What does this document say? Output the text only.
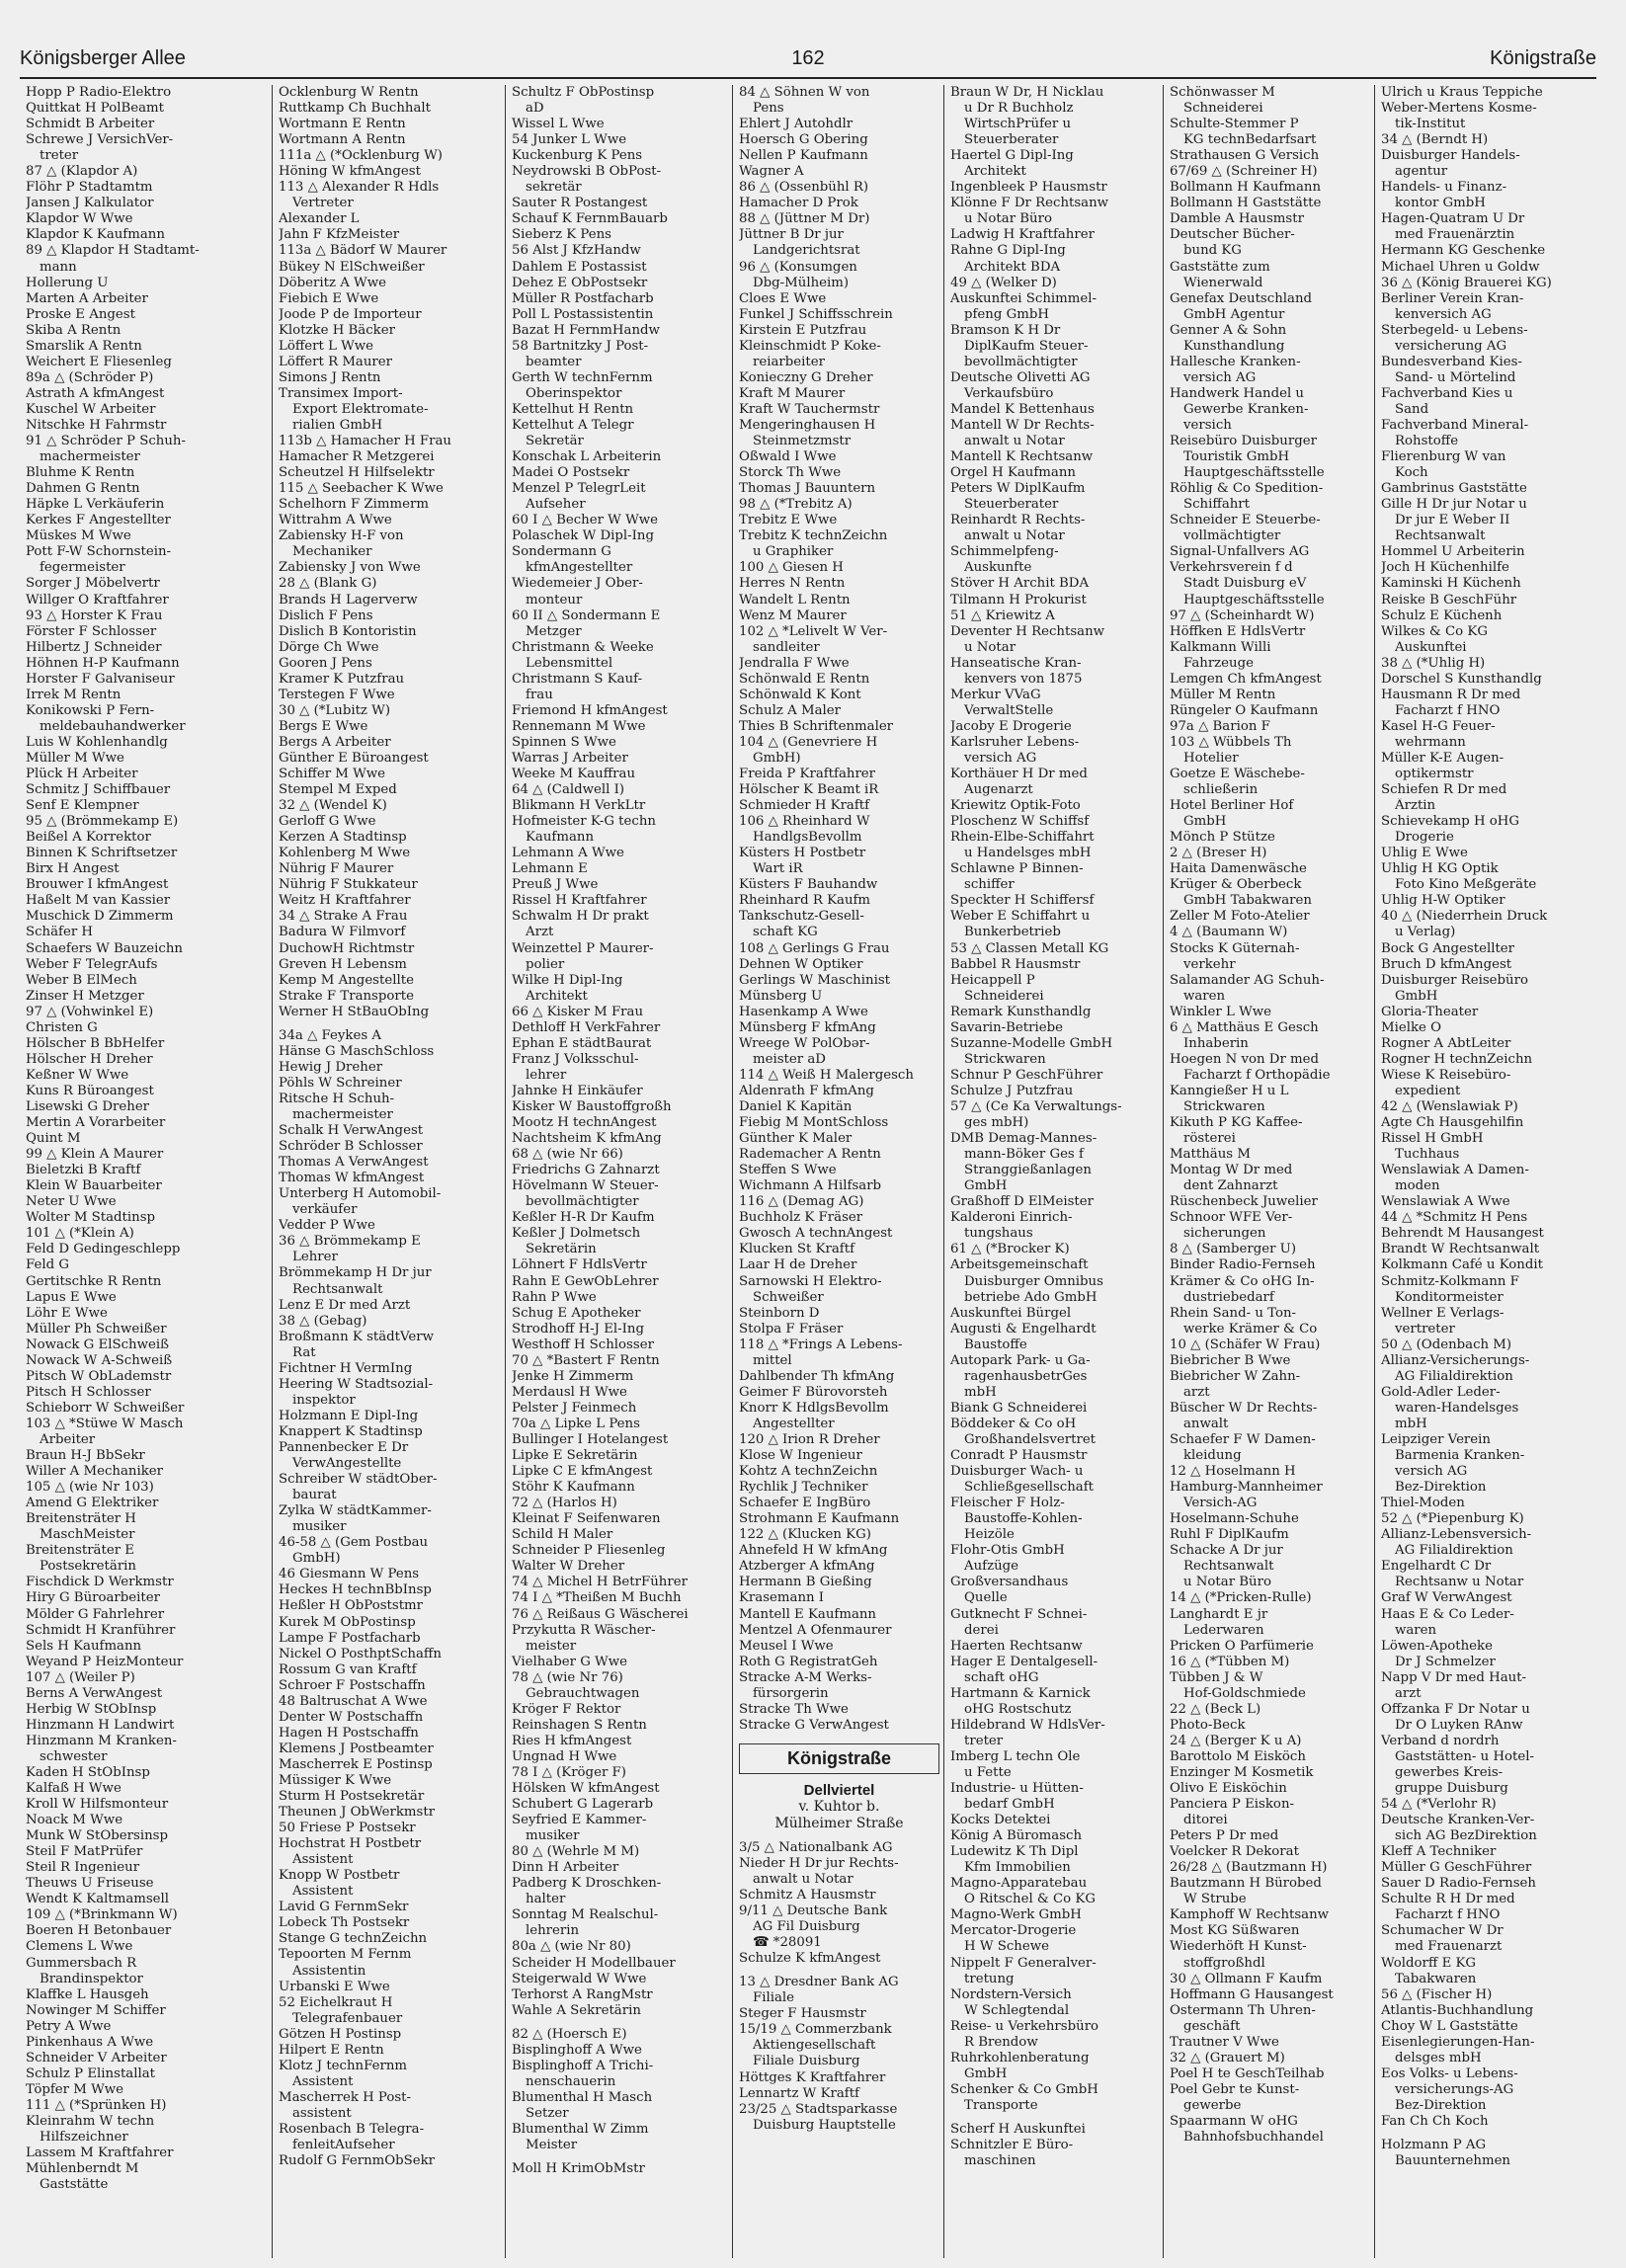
Königsberger Allee	162	Königstraße
Hopp P Radio-Elektro
Quittkat H PolBeamt
Schmidt B Arbeiter
Schrewe J VersichVer-
treter
87 △ (Klapdor A)
Flöhr P Stadtamtm
Jansen J Kalkulator
Klapdor W Wwe
Klapdor K Kaufmann
89 △ Klapdor H Stadtamt-
mann
Hollerung U
Marten A Arbeiter
Proske E Angest
Skiba A Rentn
Smarslik A Rentn
Weichert E Fliesenleg
89a △ (Schröder P)
Astrath A kfmAngest
Kuschel W Arbeiter
Nitschke H Fahrmstr
91 △ Schröder P Schuh-
machermeister
Bluhme K Rentn
Dahmen G Rentn
Häpke L Verkäuferin
Kerkes F Angestellter
Müskes M Wwe
Pott F-W Schornstein-
fegermeister
Sorger J Möbelvertr
Willger O Kraftfahrer
93 △ Horster K Frau
Förster F Schlosser
Hilbertz J Schneider
Höhnen H-P Kaufmann
Horster F Galvaniseur
Irrek M Rentn
Konikowski P Fern-
meldebauhandwerker
Luis W Kohlenhandlg
Müller M Wwe
Plück H Arbeiter
Schmitz J Schiffbauer
Senf E Klempner
95 △ (Brömmekamp E)
Beißel A Korrektor
Binnen K Schriftsetzer
Birx H Angest
Brouwer I kfmAngest
Haßelt M van Kassier
Muschick D Zimmerm
Schäfer H
Schaefers W Bauzeichn
Weber F TelegrAufs
Weber B ElMech
Zinser H Metzger
97 △ (Vohwinkel E)
Christen G
Hölscher B BbHelfer
Hölscher H Dreher
Keßner W Wwe
Kuns R Büroangest
Lisewski G Dreher
Mertin A Vorarbeiter
Quint M
99 △ Klein A Maurer
Bieletzki B Kraftf
Klein W Bauarbeiter
Neter U Wwe
Wolter M Stadtinsp
101 △ (*Klein A)
Feld D Gedingeschlepp
Feld G
Gertitschke R Rentn
Lapus E Wwe
Löhr E Wwe
Müller Ph Schweißer
Nowack G ElSchweiß
Nowack W A-Schweiß
Pitsch W ObLademstr
Pitsch H Schlosser
Schieborr W Schweißer
103 △ *Stüwe W Masch
Arbeiter
Braun H-J BbSekr
Willer A Mechaniker
105 △ (wie Nr 103)
Amend G Elektriker
Breitensträter H
MaschMeister
Breitensträter E
Postsekretärin
Fischdick D Werkmstr
Hiry G Büroarbeiter
Mölder G Fahrlehrer
Schmidt H Kranführer
Sels H Kaufmann
Weyand P HeizMonteur
107 △ (Weiler P)
Berns A VerwAngest
Herbig W StObInsp
Hinzmann H Landwirt
Hinzmann M Kranken-
schwester
Kaden H StObInsp
Kalfaß H Wwe
Kroll W Hilfsmonteur
Noack M Wwe
Munk W StObersinsp
Steil F MatPrüfer
Steil R Ingenieur
Theuws U Friseuse
Wendt K Kaltmamsell
109 △ (*Brinkmann W)
Boeren H Betonbauer
Clemens L Wwe
Gummersbach R
Brandinspektor
Klaffke L Hausgeh
Nowinger M Schiffer
Petry A Wwe
Pinkenhaus A Wwe
Schneider V Arbeiter
Schulz P Elinstallat
Töpfer M Wwe
111 △ (*Sprünken H)
Kleinrahm W techn
Hilfszeichner
Lassem M Kraftfahrer
Mühlenberndt M
Gaststätte
Ocklenburg W Rentn
Ruttkamp Ch Buchhalt
Wortmann E Rentn
Wortmann A Rentn
111a △ (*Ocklenburg W)
Höning W kfmAngest
113 △ Alexander R Hdls
Vertreter
Alexander L
Jahn F KfzMeister
113a △ Bädorf W Maurer
Bükey N ElSchweißer
Döberitz A Wwe
Fiebich E Wwe
Joode P de Importeur
Klotzke H Bäcker
Löffert L Wwe
Löffert R Maurer
Simons J Rentn
Transimex Import-
Export Elektromate-
rialien GmbH
113b △ Hamacher H Frau
Hamacher R Metzgerei
Scheutzel H Hilfselektr
115 △ Seebacher K Wwe
Schelhorn F Zimmerm
Wittrahm A Wwe
Zabiensky H-F von
Mechaniker
Zabiensky J von Wwe
28 △ (Blank G)
Brands H Lagerverw
Dislich F Pens
Dislich B Kontoristin
Dörge Ch Wwe
Gooren J Pens
Kramer K Putzfrau
Terstegen F Wwe
30 △ (*Lubitz W)
Bergs E Wwe
Bergs A Arbeiter
Günther E Büroangest
Schiffer M Wwe
Stempel M Exped
32 △ (Wendel K)
Gerloff G Wwe
Kerzen A Stadtinsp
Kohlenberg M Wwe
Nührig F Maurer
Nührig F Stukkateur
Weitz H Kraftfahrer
34 △ Strake A Frau
Badura W Filmvorf
DuchowH Richtmstr
Greven H Lebensm
Kemp M Angestellte
Strake F Transporte
Werner H StBauObIng
34a △ Feykes A
Hänse G MaschSchloss
Hewig J Dreher
Pöhls W Schreiner
Ritsche H Schuh-
machermeister
Schalk H VerwAngest
Schröder B Schlosser
Thomas A VerwAngest
Thomas W kfmAngest
Unterberg H Automobil-
verkäufer
Vedder P Wwe
36 △ Brömmekamp E
Lehrer
Brömmekamp H Dr jur
Rechtsanwalt
Lenz E Dr med Arzt
38 △ (Gebag)
Broßmann K städtVerw
Rat
Fichtner H VermIng
Heering W Stadtsozial-
inspektor
Holzmann E Dipl-Ing
Knappert K Stadtinsp
Pannenbecker E Dr
VerwAngestellte
Schreiber W städtOber-
baurat
Zylka W städtKammer-
musiker
46-58 △ (Gem Postbau
GmbH)
46 Giesmann W Pens
Heckes H technBbInsp
Heßler H ObPoststmr
Kurek M ObPostinsp
Lampe F Postfacharb
Nickel O PosthptSchaffn
Rossum G van Kraftf
Schroer F Postschaffn
48 Baltruschat A Wwe
Denter W Postschaffn
Hagen H Postschaffn
Klemens J Postbeamter
Mascherrek E Postinsp
Müssiger K Wwe
Sturm H Postsekretär
Theunen J ObWerkmstr
50 Friese P Postsekr
Hochstrat H Postbetr
Assistent
Knopp W Postbetr
Assistent
Lavid G FernmSekr
Lobeck Th Postsekr
Stange G technZeichn
Tepoorten M Fernm
Assistentin
Urbanski E Wwe
52 Eichelkraut H
Telegrafenbauer
Götzen H Postinsp
Hilpert E Rentn
Klotz J technFernm
Assistent
Mascherrek H Post-
assistent
Rosenbach B Telegra-
fenleitAufseher
Rudolf G FernmObSekr
Schultz F ObPostinsp
aD
Wissel L Wwe
54 Junker L Wwe
Kuckenburg K Pens
Neydrowski B ObPost-
sekretär
Sauter R Postangest
Schauf K FernmBauarb
Sieberz K Pens
56 Alst J KfzHandw
Dahlem E Postassist
Dehez E ObPostsekr
Müller R Postfacharb
Poll L Postassistentin
Bazat H FernmHandw
58 Bartnitzky J Post-
beamter
Gerth W technFernm
Oberinspektor
Kettelhut H Rentn
Kettelhut A Telegr
Sekretär
Konschak L Arbeiterin
Madei O Postsekr
Menzel P TelegrLeit
Aufseher
60 I △ Becher W Wwe
Polaschek W Dipl-Ing
Sondermann G
kfmAngestellter
Wiedemeier J Ober-
monteur
60 II △ Sondermann E
Metzger
Christmann & Weeke
Lebensmittel
Christmann S Kauf-
frau
Friemond H kfmAngest
Rennemann M Wwe
Spinnen S Wwe
Warras J Arbeiter
Weeke M Kauffrau
64 △ (Caldwell I)
Blikmann H VerkLtr
Hofmeister K-G techn
Kaufmann
Lehmann A Wwe
Lehmann E
Preuß J Wwe
Rissel H Kraftfahrer
Schwalm H Dr prakt
Arzt
Weinzettel P Maurer-
polier
Wilke H Dipl-Ing
Architekt
66 △ Kisker M Frau
Dethloff H VerkFahrer
Ephan E städtBaurat
Franz J Volksschul-
lehrer
Jahnke H Einkäufer
Kisker W Baustoffgroßh
Mootz H technAngest
Nachtsheim K kfmAng
68 △ (wie Nr 66)
Friedrichs G Zahnarzt
Hövelmann W Steuer-
bevollmächtigter
Keßler H-R Dr Kaufm
Keßler J Dolmetsch
Sekretärin
Löhnert F HdlsVertr
Rahn E GewObLehrer
Rahn P Wwe
Schug E Apotheker
Strodhoff H-J El-Ing
Westhoff H Schlosser
70 △ *Bastert F Rentn
Jenke H Zimmerm
Merdausl H Wwe
Pelster J Feinmech
70a △ Lipke L Pens
Bullinger I Hotelangest
Lipke E Sekretärin
Lipke C E kfmAngest
Stöhr K Kaufmann
72 △ (Harlos H)
Kleinat F Seifenwaren
Schild H Maler
Schneider P Fliesenleg
Walter W Dreher
74 △ Michel H BetrFührer
74 I △ *Theißen M Buchh
76 △ Reißaus G Wäscherei
Przykutta R Wäscher-
meister
Vielhaber G Wwe
78 △ (wie Nr 76)
Gebrauchtwagen
Kröger F Rektor
Reinshagen S Rentn
Ries H kfmAngest
Ungnad H Wwe
78 I △ (Kröger F)
Hölsken W kfmAngest
Schubert G Lagerarb
Seyfried E Kammer-
musiker
80 △ (Wehrle M M)
Dinn H Arbeiter
Padberg K Droschken-
halter
Sonntag M Realschul-
lehrerin
80a △ (wie Nr 80)
Scheider H Modellbauer
Steigerwald W Wwe
Terhorst A RangMstr
Wahle A Sekretärin
82 △ (Hoersch E)
Bisplinghoff A Wwe
Bisplinghoff A Trichi-
nenschauerin
Blumenthal H Masch
Setzer
Blumenthal W Zimm
Meister
Moll H KrimObMstr
84 △ Söhnen W von
Pens
Ehlert J Autohdlr
Hoersch G Obering
Nellen P Kaufmann
Wagner A
86 △ (Ossenbühl R)
Hamacher D Prok
88 △ (Jüttner M Dr)
Jüttner B Dr jur
Landgerichtsrat
96 △ (Konsumgen
Dbg-Mülheim)
Cloes E Wwe
Funkel J Schiffsschrein
Kirstein E Putzfrau
Kleinschmidt P Koke-
reiarbeiter
Konieczny G Dreher
Kraft M Maurer
Kraft W Tauchermstr
Mengeringhausen H
Steinmetzmstr
Oßwald I Wwe
Storck Th Wwe
Thomas J Bauuntern
98 △ (*Trebitz A)
Trebitz E Wwe
Trebitz K technZeichn
u Graphiker
100 △ Giesen H
Herres N Rentn
Wandelt L Rentn
Wenz M Maurer
102 △ *Lelivelt W Ver-
sandleiter
Jendralla F Wwe
Schönwald E Rentn
Schönwald K Kont
Schulz A Maler
Thies B Schriftenmaler
104 △ (Genevriere H
GmbH)
Freida P Kraftfahrer
Hölscher K Beamt iR
Schmieder H Kraftf
106 △ Rheinhard W
HandlgsBevollm
Küsters H Postbetr
Wart iR
Küsters F Bauhandw
Rheinhard R Kaufm
Tankschutz-Gesell-
schaft KG
108 △ Gerlings G Frau
Dehnen W Optiker
Gerlings W Maschinist
Münsberg U
Hasenkamp A Wwe
Münsberg F kfmAng
Wreege W PolObər-
meister aD
114 △ Weiß H Malergesch
Aldenrath F kfmAng
Daniel K Kapitän
Fiebig M MontSchloss
Günther K Maler
Rademacher A Rentn
Steffen S Wwe
Wichmann A Hilfsarb
116 △ (Demag AG)
Buchholz K Fräser
Gwosch A technAngest
Klucken St Kraftf
Laar H de Dreher
Sarnowski H Elektro-
Schweißer
Steinborn D
Stolpa F Fräser
118 △ *Frings A Lebens-
mittel
Dahlbender Th kfmAng
Geimer F Bürovorsteh
Knorr K HdlgsBevollm
Angestellter
120 △ Irion R Dreher
Klose W Ingenieur
Kohtz A technZeichn
Rychlik J Techniker
Schaefer E IngBüro
Strohmann E Kaufmann
122 △ (Klucken KG)
Ahnefeld H W kfmAng
Atzberger A kfmAng
Hermann B Gießing
Krasemann I
Mantell E Kaufmann
Mentzel A Ofenmaurer
Meusel I Wwe
Roth G RegistratGeh
Stracke A-M Werks-
fürsorgerin
Stracke Th Wwe
Stracke G VerwAngest
Königstraße
Dellviertel
v. Kuhtor b.
Mülheimer Straße
3/5 △ Nationalbank AG
Nieder H Dr jur Rechts-
anwalt u Notar
Schmitz A Hausmstr
9/11 △ Deutsche Bank
AG Fil Duisburg
☎ *28091
Schulze K kfmAngest
13 △ Dresdner Bank AG
Filiale
Steger F Hausmstr
15/19 △ Commerzbank
Aktiengesellschaft
Filiale Duisburg
Höttges K Kraftfahrer
Lennartz W Kraftf
23/25 △ Stadtsparkasse
Duisburg Hauptstelle
Braun W Dr, H Nicklau
u Dr R Buchholz
WirtschPrüfer u
Steuerberater
Haertel G Dipl-Ing
Architekt
Ingenbleek P Hausmstr
Klönne F Dr Rechtsanw
u Notar Büro
Ladwig H Kraftfahrer
Rahne G Dipl-Ing
Architekt BDA
49 △ (Welker D)
Auskunftei Schimmel-
pfeng GmbH
Bramson K H Dr
DiplKaufm Steuer-
bevollmächtigter
Deutsche Olivetti AG
Verkaufsbüro
Mandel K Bettenhaus
Mantell W Dr Rechts-
anwalt u Notar
Mantell K Rechtsanw
Orgel H Kaufmann
Peters W DiplKaufm
Steuerberater
Reinhardt R Rechts-
anwalt u Notar
Schimmelpfeng-
Auskunfte
Stöver H Archit BDA
Tilmann H Prokurist
51 △ Kriewitz A
Deventer H Rechtsanw
u Notar
Hanseatische Kran-
kenvers von 1875
Merkur VVaG
VerwaltStelle
Jacoby E Drogerie
Karlsruher Lebens-
versich AG
Korthäuer H Dr med
Augenarzt
Kriewitz Optik-Foto
Ploschenz W Schiffsf
Rhein-Elbe-Schiffahrt
u Handelsges mbH
Schlawne P Binnen-
schiffer
Speckter H Schiffersf
Weber E Schiffahrt u
Bunkerbetrieb
53 △ Classen Metall KG
Babbel R Hausmstr
Heicappell P
Schneiderei
Remark Kunsthandlg
Savarin-Betriebe
Suzanne-Modelle GmbH
Strickwaren
Schnur P GeschFührer
Schulze J Putzfrau
57 △ (Ce Ka Verwaltungs-
ges mbH)
DMB Demag-Mannes-
mann-Böker Ges f
Stranggießanlagen
GmbH
Graßhoff D ElMeister
Kalderoni Einrich-
tungshaus
61 △ (*Brocker K)
Arbeitsgemeinschaft
Duisburger Omnibus
betriebe Ado GmbH
Auskunftei Bürgel
Augusti & Engelhardt
Baustoffe
Autopark Park- u Ga-
ragenhausbetrGes
mbH
Biank G Schneiderei
Böddeker & Co oH
Großhandelsvertret
Conradt P Hausmstr
Duisburger Wach- u
Schließgesellschaft
Fleischer F Holz-
Baustoffe-Kohlen-
Heizöle
Flohr-Otis GmbH
Aufzüge
Großversandhaus
Quelle
Gutknecht F Schnei-
derei
Haerten Rechtsanw
Hager E Dentalgesell-
schaft oHG
Hartmann & Karnick
oHG Rostschutz
Hildebrand W HdlsVer-
treter
Imberg L techn Öle
u Fette
Industrie- u Hütten-
bedarf GmbH
Kocks Detektei
König A Büromasch
Ludewitz K Th Dipl
Kfm Immobilien
Magno-Apparatebau
O Ritschel & Co KG
Magno-Werk GmbH
Mercator-Drogerie
H W Schewe
Nippelt F Generalver-
tretung
Nordstern-Versich
W Schlegtendal
Reise- u Verkehrsbüro
R Brendow
Ruhrkohlenberatung
GmbH
Schenker & Co GmbH
Transporte
Scherf H Auskunftei
Schnitzler E Büro-
maschinen
Schönwasser M
Schneiderei
Schulte-Stemmer P
KG technBedarfsart
Strathausen G Versich
67/69 △ (Schreiner H)
Bollmann H Kaufmann
Bollmann H Gaststätte
Damble A Hausmstr
Deutscher Bücher-
bund KG
Gaststätte zum
Wienerwald
Genefax Deutschland
GmbH Agentur
Genner A & Sohn
Kunsthandlung
Hallesche Kranken-
versich AG
Handwerk Handel u
Gewerbe Kranken-
versich
Reisebüro Duisburger
Touristik GmbH
Hauptgeschäftsstelle
Röhlig & Co Spedition-
Schiffahrt
Schneider E Steuerbe-
vollmächtigter
Signal-Unfallvers AG
Verkehrsverein f d
Stadt Duisburg eV
Hauptgeschäftsstelle
97 △ (Scheinhardt W)
Höffken E HdlsVertr
Kalkmann Willi
Fahrzeuge
Lemgen Ch kfmAngest
Müller M Rentn
Rüngeler O Kaufmann
97a △ Barion F
103 △ Wübbels Th
Hotelier
Goetze E Wäschebe-
schließerin
Hotel Berliner Hof
GmbH
Mönch P Stütze
2 △ (Breser H)
Haita Damenwäsche
Krüger & Oberbeck
GmbH Tabakwaren
Zeller M Foto-Atelier
4 △ (Baumann W)
Stocks K Güternah-
verkehr
Salamander AG Schuh-
waren
Winkler L Wwe
6 △ Matthäus E Gesch
Inhaberin
Hoegen N von Dr med
Facharzt f Orthopädie
Kanngießer H u L
Strickwaren
Kikuth P KG Kaffee-
rösterei
Matthäus M
Montag W Dr med
dent Zahnarzt
Rüschenbeck Juwelier
Schnoor WFE Ver-
sicherungen
8 △ (Samberger U)
Binder Radio-Fernseh
Krämer & Co oHG In-
dustriebedarf
Rhein Sand- u Ton-
werke Krämer & Co
10 △ (Schäfer W Frau)
Biebricher B Wwe
Biebricher W Zahn-
arzt
Büscher W Dr Rechts-
anwalt
Schaefer F W Damen-
kleidung
12 △ Hoselmann H
Hamburg-Mannheimer
Versich-AG
Hoselmann-Schuhe
Ruhl F DiplKaufm
Schacke A Dr jur
Rechtsanwalt
u Notar Büro
14 △ (*Pricken-Rulle)
Langhardt E jr
Lederwaren
Pricken O Parfümerie
16 △ (*Tübben M)
Tübben J & W
Hof-Goldschmiede
22 △ (Beck L)
Photo-Beck
24 △ (Berger K u A)
Barottolo M Eisköch
Enzinger M Kosmetik
Olivo E Eisköchin
Panciera P Eiskon-
ditorei
Peters P Dr med
Voelcker R Dekorat
26/28 △ (Bautzmann H)
Bautzmann H Bürobed
W Strube
Kamphoff W Rechtsanw
Most KG Süßwaren
Wiederhöft H Kunst-
stoffgroßhdl
30 △ Ollmann F Kaufm
Hoffmann G Hausangest
Ostermann Th Uhren-
geschäft
Trautner V Wwe
32 △ (Grauert M)
Poel H te GeschTeilhab
Poel Gebr te Kunst-
gewerbe
Spaarmann W oHG
Bahnhofsbuchhandel
Ulrich u Kraus Teppiche
Weber-Mertens Kosme-
tik-Institut
34 △ (Berndt H)
Duisburger Handels-
agentur
Handels- u Finanz-
kontor GmbH
Hagen-Quatram U Dr
med Frauenärztin
Hermann KG Geschenke
Michael Uhren u Goldw
36 △ (König Brauerei KG)
Berliner Verein Kran-
kenversich AG
Sterbegeld- u Lebens-
versicherung AG
Bundesverband Kies-
Sand- u Mörtelind
Fachverband Kies u
Sand
Fachverband Mineral-
Rohstoffe
Flierenburg W van
Koch
Gambrinus Gaststätte
Gille H Dr jur Notar u
Dr jur E Weber II
Rechtsanwalt
Hommel U Arbeiterin
Joch H Küchenhilfe
Kaminski H Küchenh
Reiske B GeschFühr
Schulz E Küchenh
Wilkes & Co KG
Auskunftei
38 △ (*Uhlig H)
Dorschel S Kunsthandlg
Hausmann R Dr med
Facharzt f HNO
Kasel H-G Feuer-
wehrmann
Müller K-E Augen-
optikermstr
Schiefen R Dr med
Ärztin
Schievekamp H oHG
Drogerie
Uhlig E Wwe
Uhlig H KG Optik
Foto Kino Meßgeräte
Uhlig H-W Optiker
40 △ (Niederrhein Druck
u Verlag)
Bock G Angestellter
Bruch D kfmAngest
Duisburger Reisebüro
GmbH
Gloria-Theater
Mielke O
Rogner A AbtLeiter
Rogner H technZeichn
Wiese K Reisebüro-
expedient
42 △ (Wenslawiak P)
Agte Ch Hausgehilfin
Rissel H GmbH
Tuchhaus
Wenslawiak A Damen-
moden
Wenslawiak A Wwe
44 △ *Schmitz H Pens
Behrendt M Hausangest
Brandt W Rechtsanwalt
Kolkmann Café u Kondit
Schmitz-Kolkmann F
Konditormeister
Wellner E Verlags-
vertreter
50 △ (Odenbach M)
Allianz-Versicherungs-
AG Filialdirektion
Gold-Adler Leder-
waren-Handelsges
mbH
Leipziger Verein
Barmenia Kranken-
versich AG
Bez-Direktion
Thiel-Moden
52 △ (*Piepenburg K)
Allianz-Lebensversich-
AG Filialdirektion
Engelhardt C Dr
Rechtsanw u Notar
Graf W VerwAngest
Haas E & Co Leder-
waren
Löwen-Apotheke
Dr J Schmelzer
Napp V Dr med Haut-
arzt
Offzanka F Dr Notar u
Dr O Luyken RAnw
Verband d nordrh
Gaststätten- u Hotel-
gewerbes Kreis-
gruppe Duisburg
54 △ (*Verlohr R)
Deutsche Kranken-Ver-
sich AG BezDirektion
Kleff A Techniker
Müller G GeschFührer
Sauer D Radio-Fernseh
Schulte R H Dr med
Facharzt f HNO
Schumacher W Dr
med Frauenarzt
Woldorff E KG
Tabakwaren
56 △ (Fischer H)
Atlantis-Buchhandlung
Choy W L Gaststätte
Eisenlegierungen-Han-
delsges mbH
Eos Volks- u Lebens-
versicherungs-AG
Bez-Direktion
Fan Ch Ch Koch
Holzmann P AG
Bauunternehmen
